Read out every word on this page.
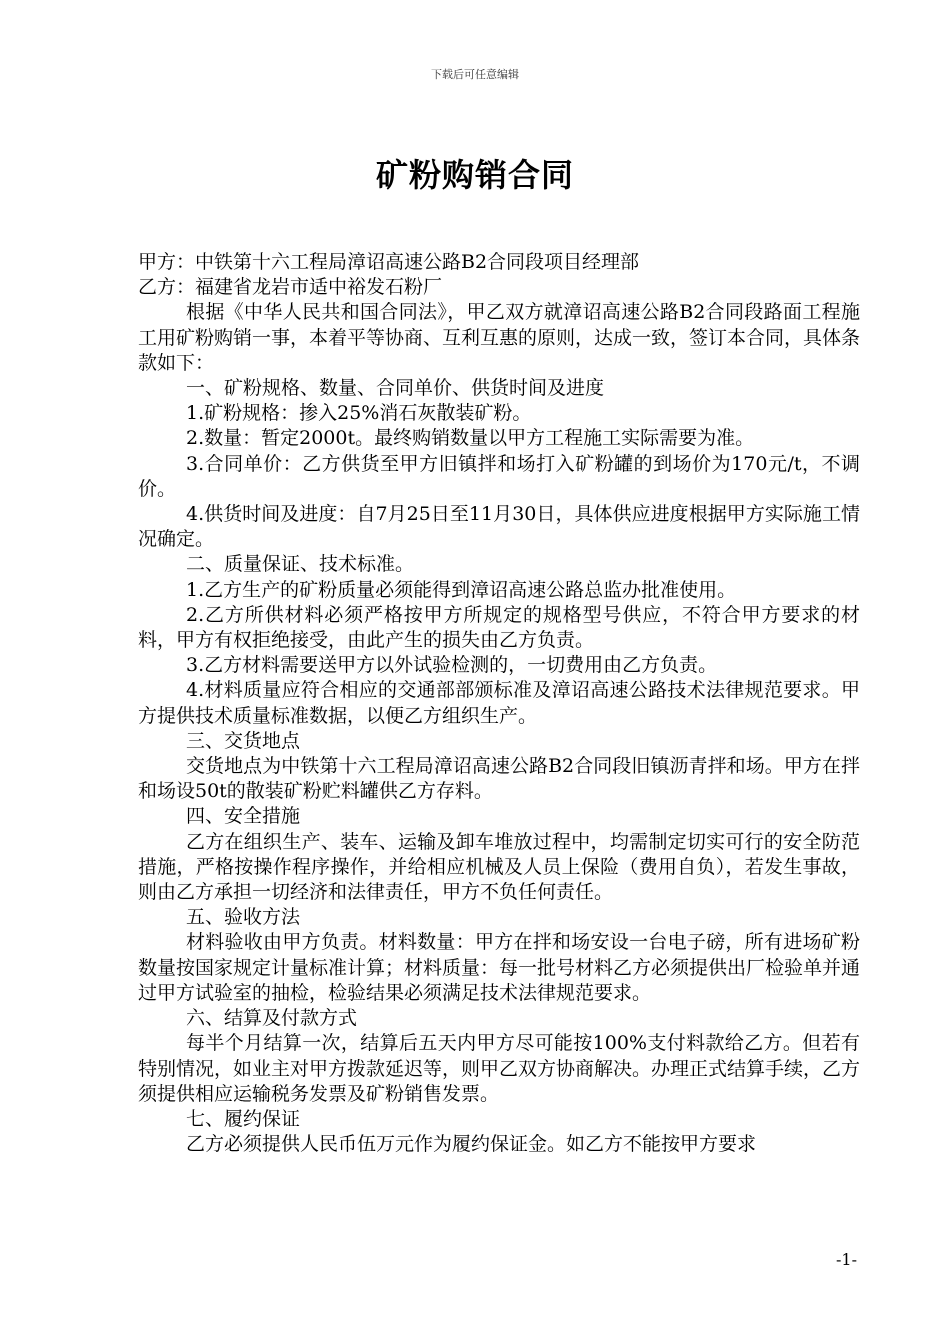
下载后可任意编辑
矿粉购销合同

甲方：中铁第十六工程局漳诏高速公路B2合同段项目经理部

乙方：福建省龙岩市适中裕发石粉厂

根据《中华人民共和国合同法》，甲乙双方就漳诏高速公路B2合同段路面工程施工用矿粉购销一事，本着平等协商、互利互惠的原则，达成一致，签订本合同，具体条款如下：

一、矿粉规格、数量、合同单价、供货时间及进度

1.矿粉规格：掺入25%消石灰散装矿粉。

2.数量：暂定2000t。最终购销数量以甲方工程施工实际需要为准。

3.合同单价：乙方供货至甲方旧镇拌和场打入矿粉罐的到场价为170元/t，不调价。

4.供货时间及进度：自7月25日至11月30日，具体供应进度根据甲方实际施工情况确定。

二、质量保证、技术标准。

1.乙方生产的矿粉质量必须能得到漳诏高速公路总监办批准使用。

2.乙方所供材料必须严格按甲方所规定的规格型号供应，不符合甲方要求的材料，甲方有权拒绝接受，由此产生的损失由乙方负责。

3.乙方材料需要送甲方以外试验检测的，一切费用由乙方负责。

4.材料质量应符合相应的交通部部颁标准及漳诏高速公路技术法律规范要求。甲方提供技术质量标准数据，以便乙方组织生产。

三、交货地点

交货地点为中铁第十六工程局漳诏高速公路B2合同段旧镇沥青拌和场。甲方在拌和场设50t的散装矿粉贮料罐供乙方存料。

四、安全措施

乙方在组织生产、装车、运输及卸车堆放过程中，均需制定切实可行的安全防范措施，严格按操作程序操作，并给相应机械及人员上保险（费用自负），若发生事故，则由乙方承担一切经济和法律责任，甲方不负任何责任。

五、验收方法

材料验收由甲方负责。材料数量：甲方在拌和场安设一台电子磅，所有进场矿粉数量按国家规定计量标准计算；材料质量：每一批号材料乙方必须提供出厂检验单并通过甲方试验室的抽检，检验结果必须满足技术法律规范要求。

六、结算及付款方式

每半个月结算一次，结算后五天内甲方尽可能按100%支付料款给乙方。但若有特别情况，如业主对甲方拨款延迟等，则甲乙双方协商解决。办理正式结算手续，乙方须提供相应运输税务发票及矿粉销售发票。

七、履约保证

乙方必须提供人民币伍万元作为履约保证金。如乙方不能按甲方要求

-1-
